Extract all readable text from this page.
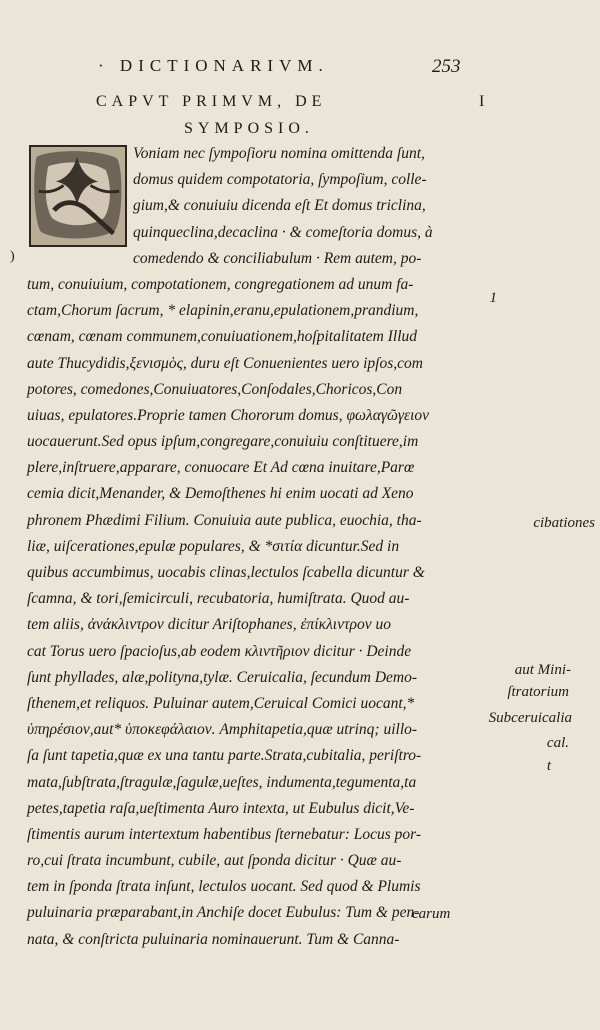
· DICTIONARIVM.	253
CAPVT PRIMVM, DE
SYMPOSIO.
I
)
Voniam nec ſympoſioru nomina omittenda ſunt,
domus quidem compotatoria, ſympoſium, colle-
gium,& conuiuiu dicenda eſt Et domus triclina,
quinqueclina,decaclina · & comeſtoria domus, à
comedendo & conciliabulum · Rem autem, po-
tum, conuiuium, compotationem, congregationem ad unum fa-
ctam,Chorum ſacrum, * elapinin,eranu,epulationem,prandium,
cœnam, cœnam communem,conuiuationem,hoſpitalitatem Illud
aute Thucydidis,ξενισμὸς, duru eſt Conuenientes uero ipſos,com
potores, comedones,Conuiuatores,Conſodales,Choricos,Con
uiuas, epulatores.Proprie tamen Chororum domus, φωλαγῶγειον
uocauerunt.Sed opus ipſum,congregare,conuiuiu conſtituere,im
plere,inſtruere,apparare, conuocare Et Ad cœna inuitare,Parœ
cemia dicit,Menander, & Demoſthenes hi enim uocati ad Xeno
phronem Phædimi Filium. Conuiuia aute publica, euochia, tha-
liæ, uiſcerationes,epulæ populares, & *σιτία dicuntur.Sed in
quibus accumbimus, uocabis clinas,lectulos ſcabella dicuntur &
ſcamna, & tori,ſemicirculi, recubatoria, humiſtrata. Quod au-
tem aliis, ἀνάκλιντρον dicitur Ariſtophanes, ἐπίκλιντρον uo
cat Torus uero ſpacioſus,ab eodem κλιντῆριον dicitur · Deinde
ſunt phyllades, alæ,polityna,tylæ. Ceruicalia, ſecundum Demo-
ſthenem,et reliquos. Puluinar autem,Ceruical Comici uocant,*
ὑπηρέσιον,aut* ὑποκεφάλαιον. Amphitapetia,quæ utrinq; uillo-
ſa ſunt tapetia,quæ ex una tantu parte.Strata,cubitalia, periſtro-
mata,ſubſtrata,ſtragulæ,ſagulæ,ueſtes, indumenta,tegumenta,ta
petes,tapetia raſa,ueſtimenta Auro intexta, ut Eubulus dicit,Ve-
ſtimentis aurum intertextum habentibus ſternebatur: Locus por-
ro,cui ſtrata incumbunt, cubile, aut ſponda dicitur · Quæ au-
tem in ſponda ſtrata inſunt, lectulos uocant. Sed quod & Plumis
puluinaria præparabant,in Anchiſe docet Eubulus: Tum & pen-
nata, & conſtricta puluinaria nominauerunt. Tum & Canna-
1
cibationes
aut Mini-
ſtratorium
Subceruicalia
cal.
t
carum
